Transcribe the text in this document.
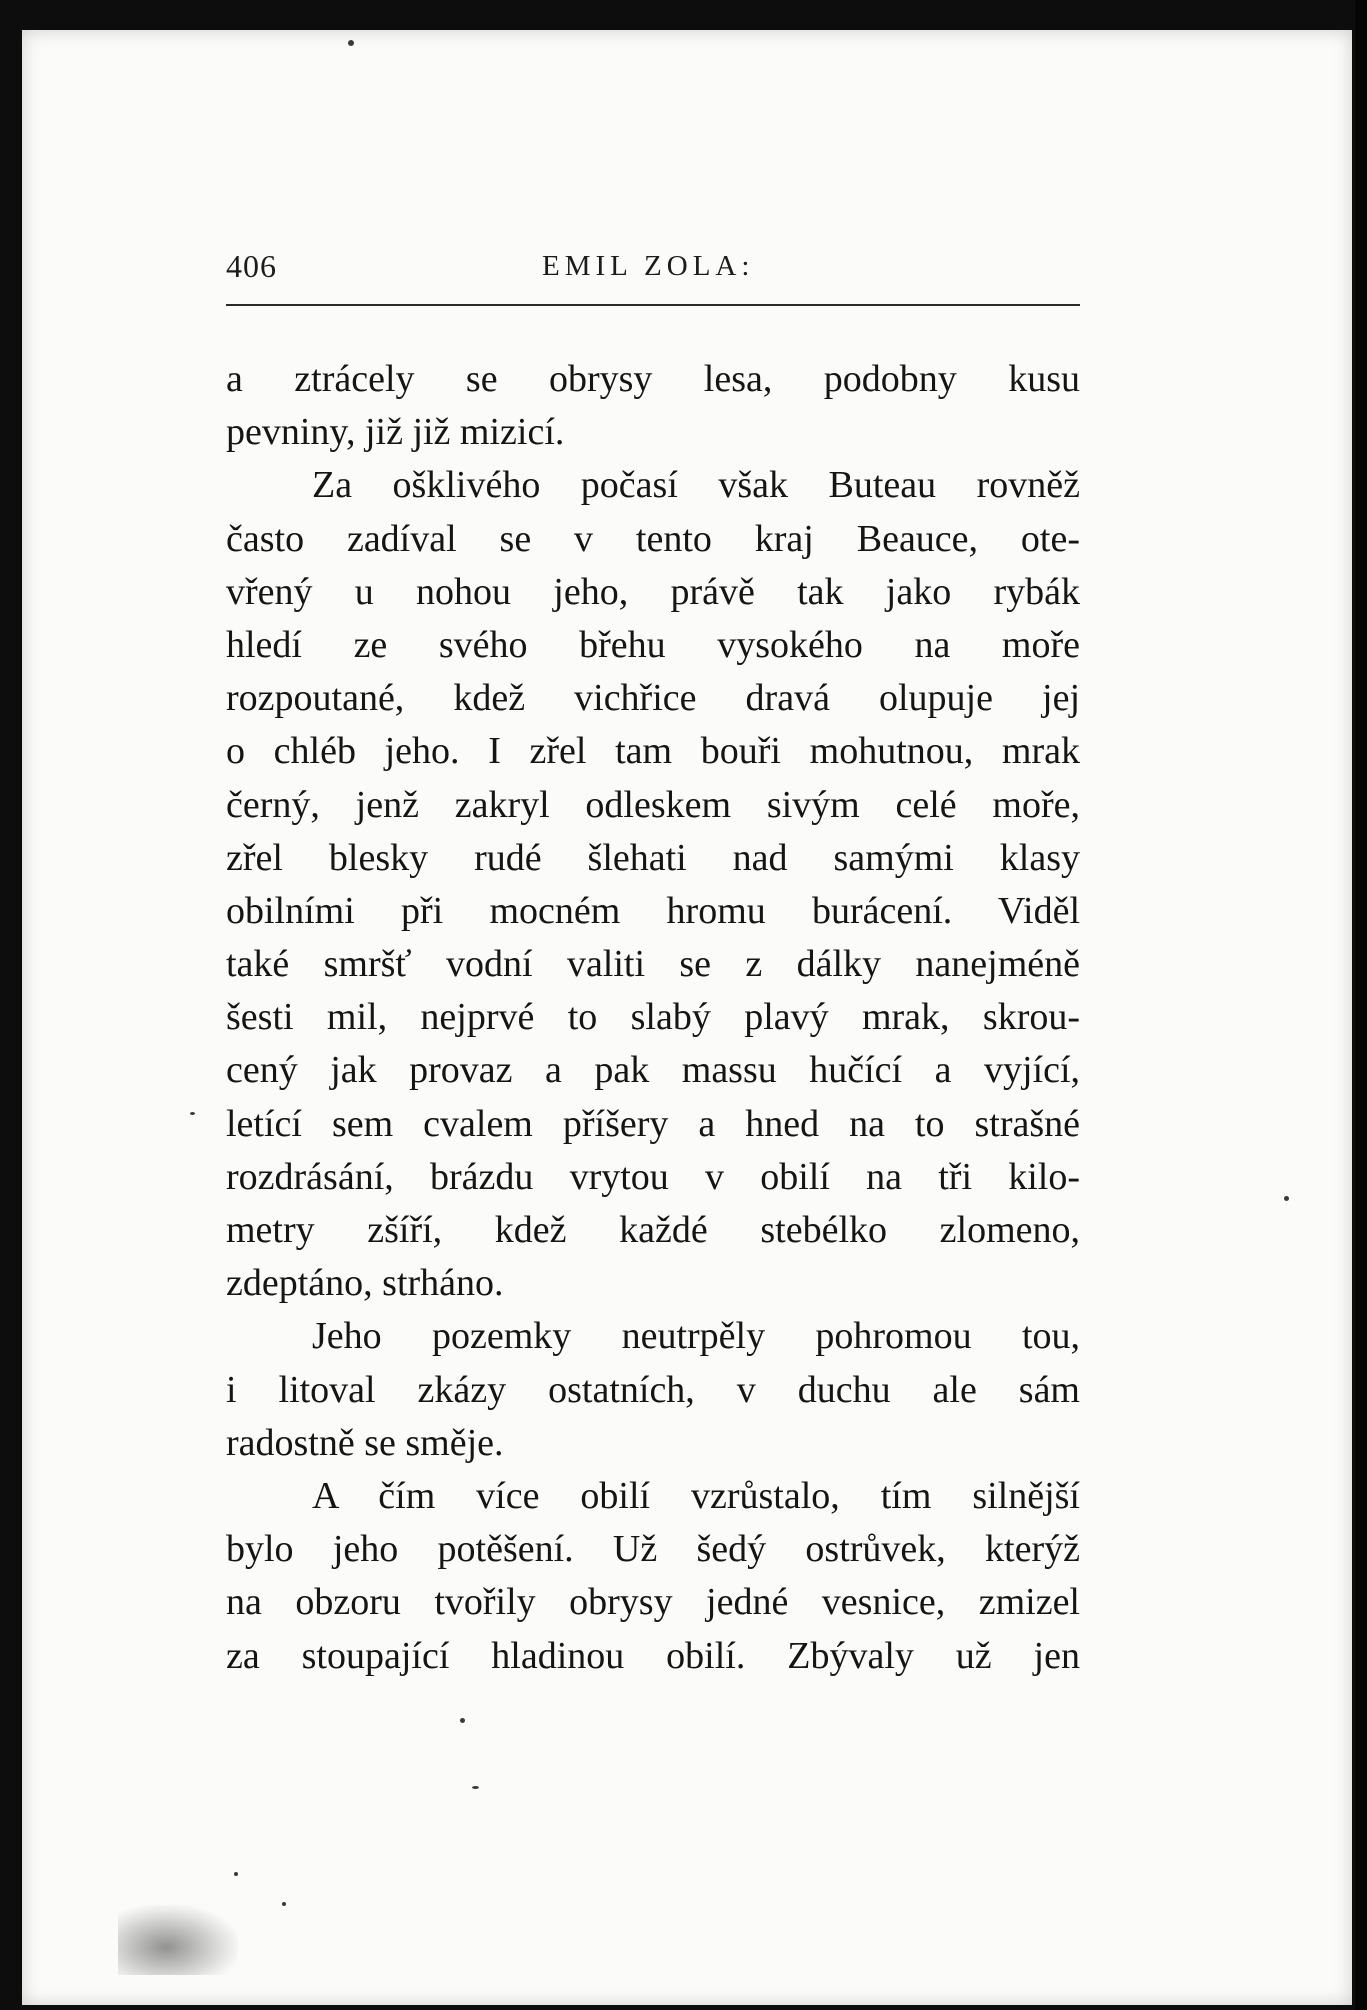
406	EMIL ZOLA:
a ztrácely se obrysy lesa, podobny kusu
pevniny, již již mizicí.
Za ošklivého počasí však Buteau rovněž
často zadíval se v tento kraj Beauce, ote-
vřený u nohou jeho, právě tak jako rybák
hledí ze svého břehu vysokého na moře
rozpoutané, kdež vichřice dravá olupuje jej
o chléb jeho. I zřel tam bouři mohutnou, mrak
černý, jenž zakryl odleskem sivým celé moře,
zřel blesky rudé šlehati nad samými klasy
obilními při mocném hromu burácení. Viděl
také smršť vodní valiti se z dálky nanejméně
šesti mil, nejprvé to slabý plavý mrak, skrou-
cený jak provaz a pak massu hučící a vyjící,
letící sem cvalem příšery a hned na to strašné
rozdrásání, brázdu vrytou v obilí na tři kilo-
metry zšíří, kdež každé stebélko zlomeno,
zdeptáno, strháno.
Jeho pozemky neutrpěly pohromou tou,
i litoval zkázy ostatních, v duchu ale sám
radostně se směje.
A čím více obilí vzrůstalo, tím silnější
bylo jeho potěšení. Už šedý ostrůvek, kterýž
na obzoru tvořily obrysy jedné vesnice, zmizel
za stoupající hladinou obilí. Zbývaly už jen
